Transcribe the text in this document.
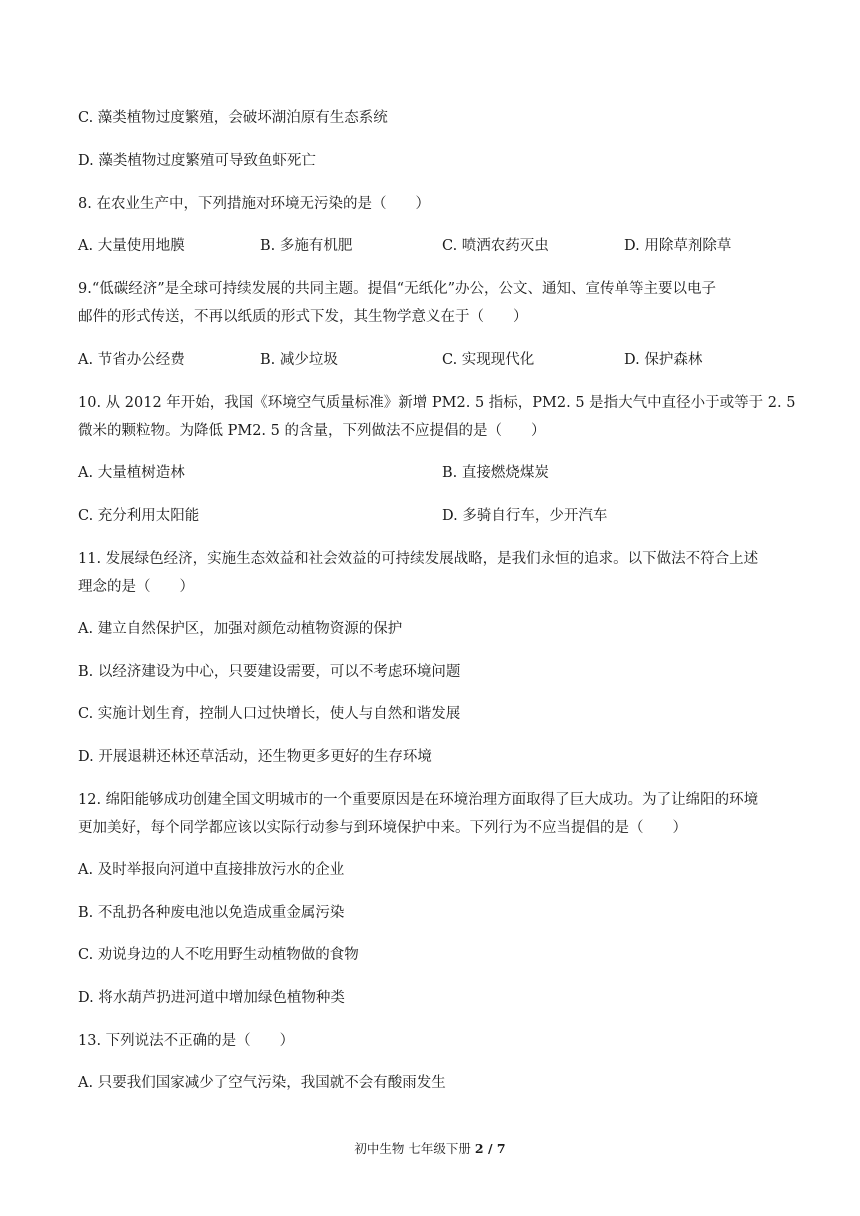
C. 藻类植物过度繁殖，会破坏湖泊原有生态系统
D. 藻类植物过度繁殖可导致鱼虾死亡
8. 在农业生产中，下列措施对环境无污染的是（　　）
A. 大量使用地膜	B. 多施有机肥	C. 喷洒农药灭虫	D. 用除草剂除草
9.“低碳经济”是全球可持续发展的共同主题。提倡“无纸化”办公，公文、通知、宣传单等主要以电子
邮件的形式传送，不再以纸质的形式下发，其生物学意义在于（　　）
A. 节省办公经费	B. 减少垃圾	C. 实现现代化	D. 保护森林
10. 从 2012 年开始，我国《环境空气质量标准》新增 PM2. 5 指标，PM2. 5 是指大气中直径小于或等于 2. 5
微米的颗粒物。为降低 PM2. 5 的含量，下列做法不应提倡的是（　　）
A. 大量植树造林	B. 直接燃烧煤炭
C. 充分利用太阳能	D. 多骑自行车，少开汽车
11. 发展绿色经济，实施生态效益和社会效益的可持续发展战略，是我们永恒的追求。以下做法不符合上述
理念的是（　　）
A. 建立自然保护区，加强对颜危动植物资源的保护
B. 以经济建设为中心，只要建设需要，可以不考虑环境问题
C. 实施计划生育，控制人口过快增长，使人与自然和谐发展
D. 开展退耕还林还草活动，还生物更多更好的生存环境
12. 绵阳能够成功创建全国文明城市的一个重要原因是在环境治理方面取得了巨大成功。为了让绵阳的环境
更加美好，每个同学都应该以实际行动参与到环境保护中来。下列行为不应当提倡的是（　　）
A. 及时举报向河道中直接排放污水的企业
B. 不乱扔各种废电池以免造成重金属污染
C. 劝说身边的人不吃用野生动植物做的食物
D. 将水葫芦扔进河道中增加绿色植物种类
13. 下列说法不正确的是（　　）
A. 只要我们国家减少了空气污染，我国就不会有酸雨发生
初中生物 七年级下册 2 / 7
